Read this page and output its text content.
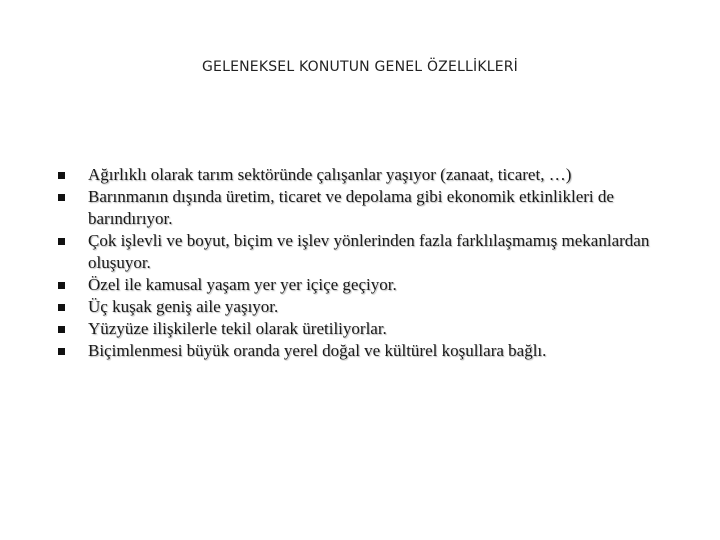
GELENEKSEL KONUTUN GENEL ÖZELLİKLERİ
Ağırlıklı olarak tarım sektöründe çalışanlar yaşıyor (zanaat, ticaret, …)
Barınmanın dışında üretim, ticaret ve depolama gibi ekonomik etkinlikleri de barındırıyor.
Çok işlevli ve boyut, biçim ve işlev yönlerinden fazla farklılaşmamış mekanlardan oluşuyor.
Özel ile kamusal yaşam yer yer içiçe geçiyor.
Üç kuşak geniş aile yaşıyor.
Yüzyüze ilişkilerle tekil olarak üretiliyorlar.
Biçimlenmesi büyük oranda yerel doğal ve kültürel koşullara bağlı.
